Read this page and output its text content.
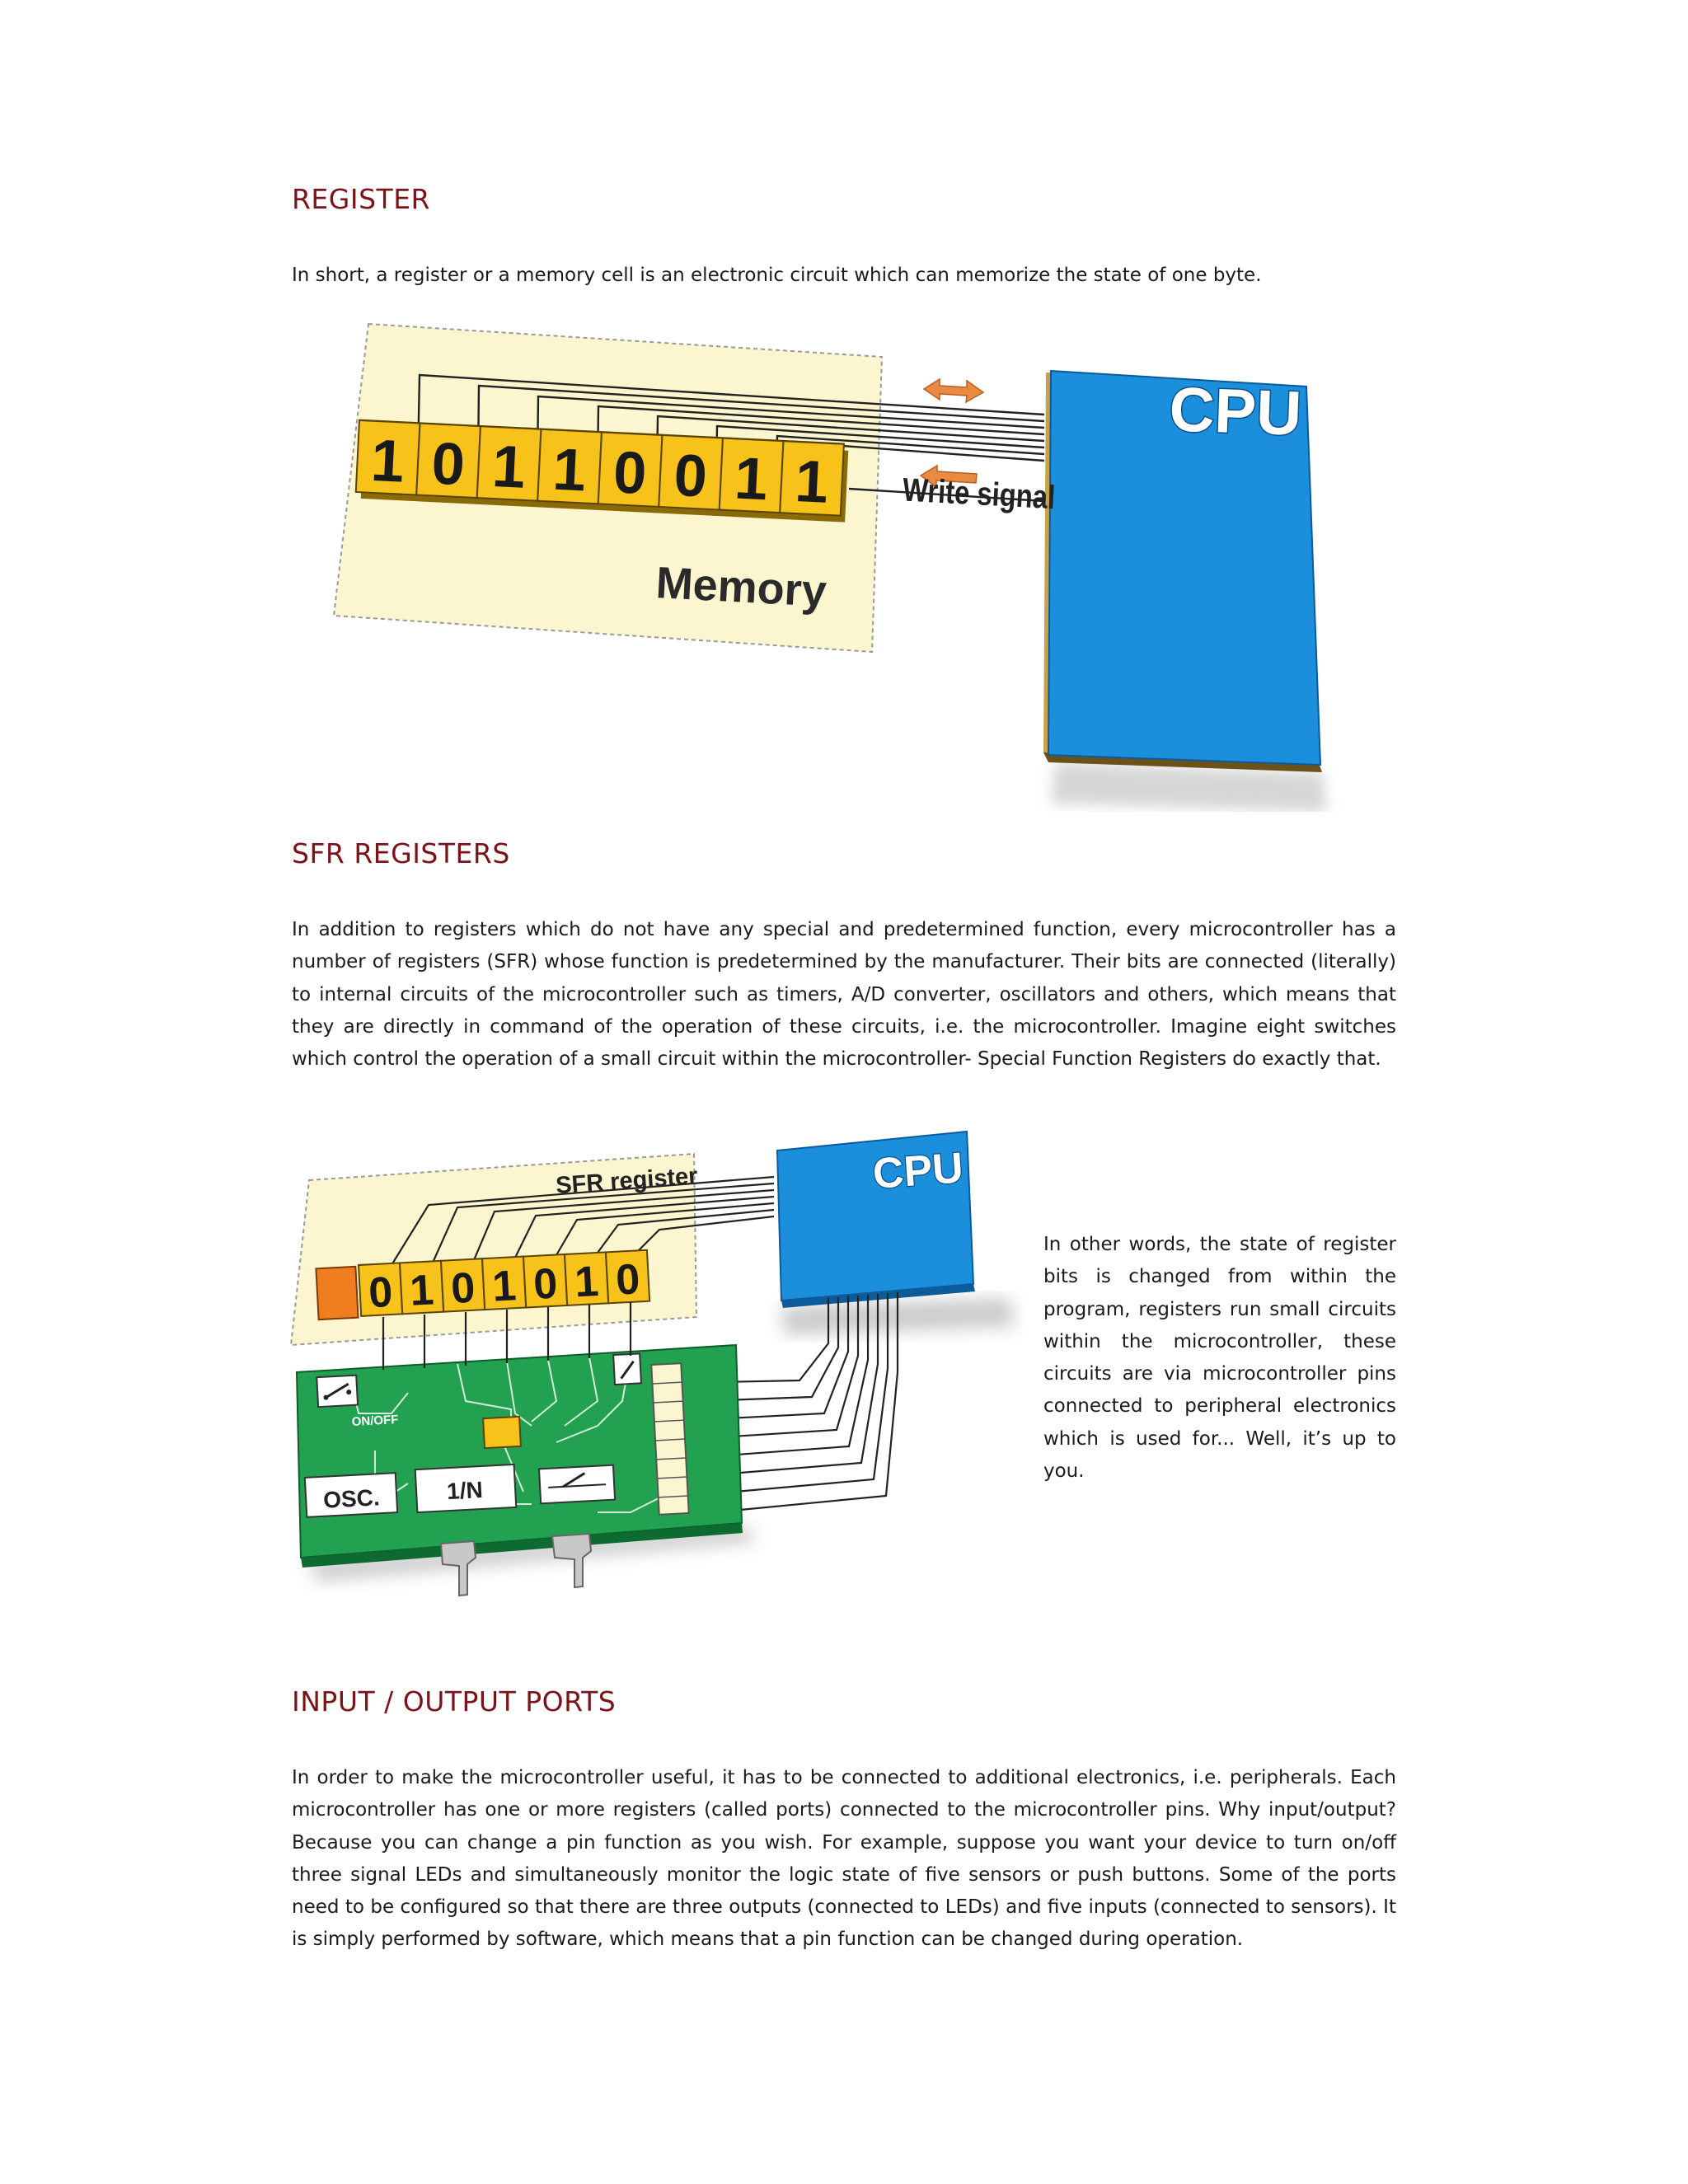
REGISTER

In short, a register or a memory cell is an electronic circuit which can memorize the state of one byte.

1 0 1 1 0 0 1 1
CPU
Write signal
Memory
SFR REGISTERS

In addition to registers which do not have any special and predetermined function, every microcontroller has a number of registers (SFR) whose function is predetermined by the manufacturer. Their bits are connected (literally) to internal circuits of the microcontroller such as timers, A/D converter, oscillators and others, which means that they are directly in command of the operation of these circuits, i.e. the microcontroller. Imagine eight switches which control the operation of a small circuit within the microcontroller- Special Function Registers do exactly that.

SFR register	CPU
ON/OFF
OSC.	1/N
0 1 0 1 0 1 0

In other words, the state of register bits is changed from within the program, registers run small circuits within the microcontroller, these circuits are via microcontroller pins connected to peripheral electronics which is used for... Well, it’s up to you.

INPUT / OUTPUT PORTS

In order to make the microcontroller useful, it has to be connected to additional electronics, i.e. peripherals. Each microcontroller has one or more registers (called ports) connected to the microcontroller pins. Why input/output? Because you can change a pin function as you wish. For example, suppose you want your device to turn on/off three signal LEDs and simultaneously monitor the logic state of five sensors or push buttons. Some of the ports need to be configured so that there are three outputs (connected to LEDs) and five inputs (connected to sensors). It is simply performed by software, which means that a pin function can be changed during operation.
